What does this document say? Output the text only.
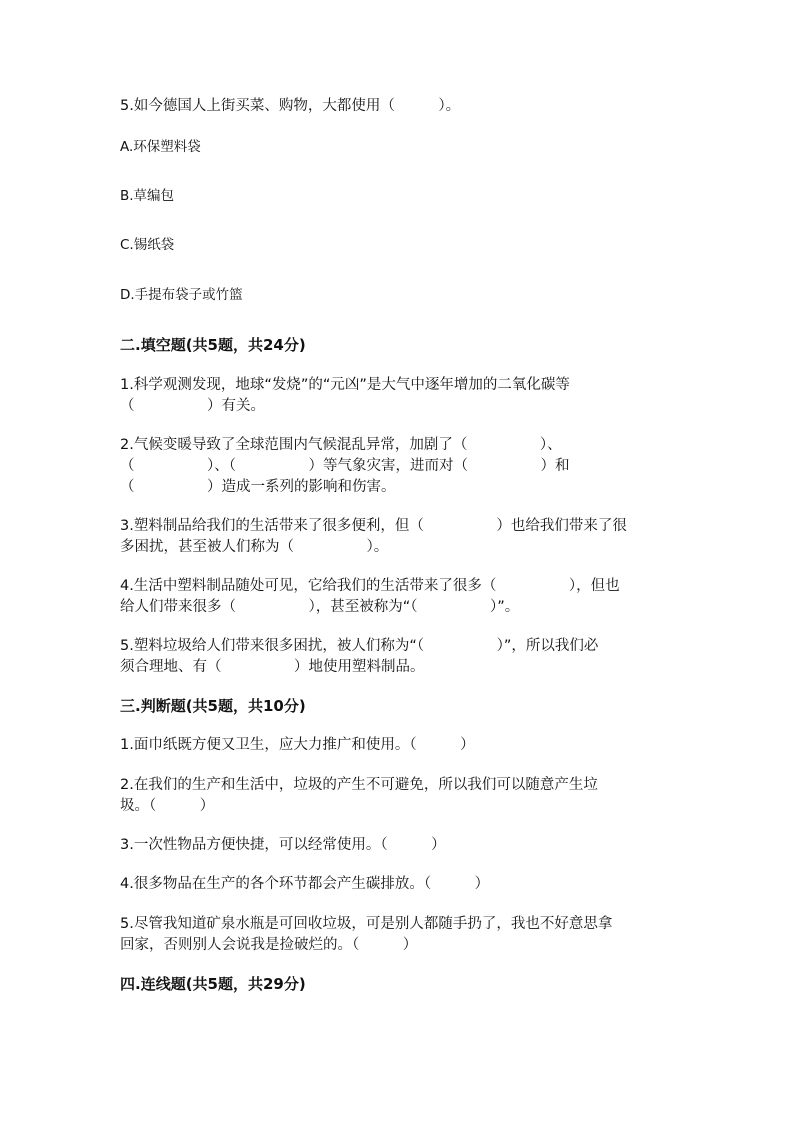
5.如今德国人上街买菜、购物，大都使用（　　　）。

A.环保塑料袋

B.草编包

C.锡纸袋

D.手提布袋子或竹篮

二.填空题(共5题，共24分)

1.科学观测发现，地球“发烧”的“元凶”是大气中逐年增加的二氧化碳等

（　　　　　）有关。

2.气候变暖导致了全球范围内气候混乱异常，加剧了（　　　　　）、

（　　　　　）、（　　　　　）等气象灾害，进而对（　　　　　）和

（　　　　　）造成一系列的影响和伤害。

3.塑料制品给我们的生活带来了很多便利，但（　　　　　）也给我们带来了很

多困扰，甚至被人们称为（　　　　　）。

4.生活中塑料制品随处可见，它给我们的生活带来了很多（　　　　　），但也

给人们带来很多（　　　　　），甚至被称为“（　　　　　）”。

5.塑料垃圾给人们带来很多困扰，被人们称为“（　　　　　）”，所以我们必

须合理地、有（　　　　　）地使用塑料制品。

三.判断题(共5题，共10分)

1.面巾纸既方便又卫生，应大力推广和使用。（　　　）

2.在我们的生产和生活中，垃圾的产生不可避免，所以我们可以随意产生垃

圾。（　　　）

3.一次性物品方便快捷，可以经常使用。（　　　）

4.很多物品在生产的各个环节都会产生碳排放。（　　　）

5.尽管我知道矿泉水瓶是可回收垃圾，可是别人都随手扔了，我也不好意思拿

回家，否则别人会说我是捡破烂的。（　　　）

四.连线题(共5题，共29分)
